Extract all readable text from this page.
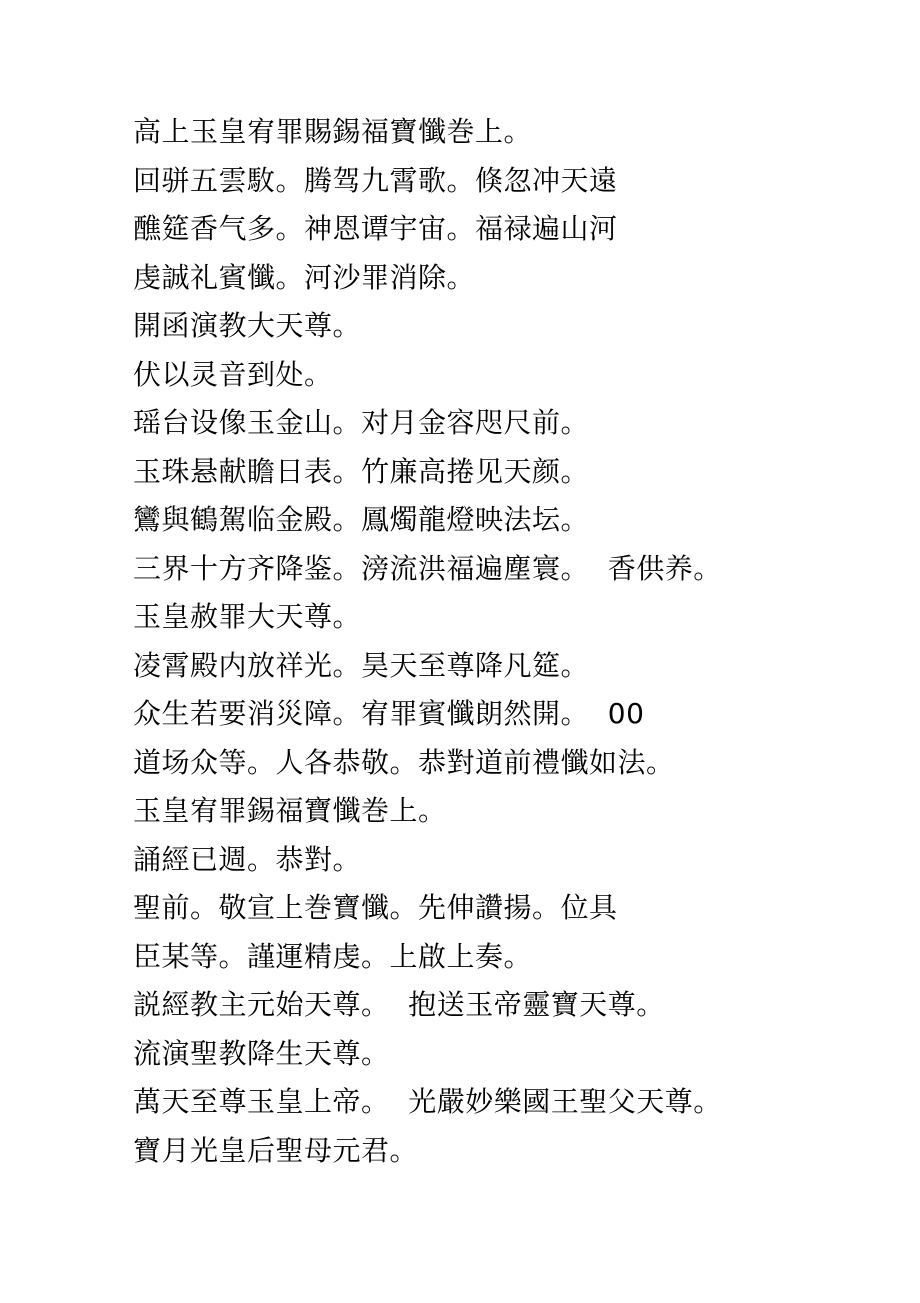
高上玉皇宥罪賜錫福寶懺巻上。
回骈五雲駇。腾驾九霄歌。倏忽冲天遠
醮筵香气多。神恩谭宇宙。福禄遍山河
虔誠礼賓懺。河沙罪消除。
開函演教大天尊。
伏以灵音到处。
瑶台设像玉金山。对月金容咫尺前。
玉珠悬献瞻日表。竹廉高捲见天颜。
鸞與鶴駕临金殿。鳳燭龍燈映法坛。
三界十方齐降鉴。滂流洪福遍塵寰。  香供养。
玉皇赦罪大天尊。
凌霄殿内放祥光。昊天至尊降凡筵。
众生若要消災障。宥罪賓懺朗然開。  00
道场众等。人各恭敬。恭對道前禮懺如法。
玉皇宥罪錫福寶懺巻上。
誦經已週。恭對。
聖前。敬宣上巻寶懺。先伸讚揚。位具
臣某等。謹運精虔。上啟上奏。
説經教主元始天尊。  抱送玉帝靈寶天尊。
流演聖教降生天尊。
萬天至尊玉皇上帝。  光嚴妙樂國王聖父天尊。
寶月光皇后聖母元君。
